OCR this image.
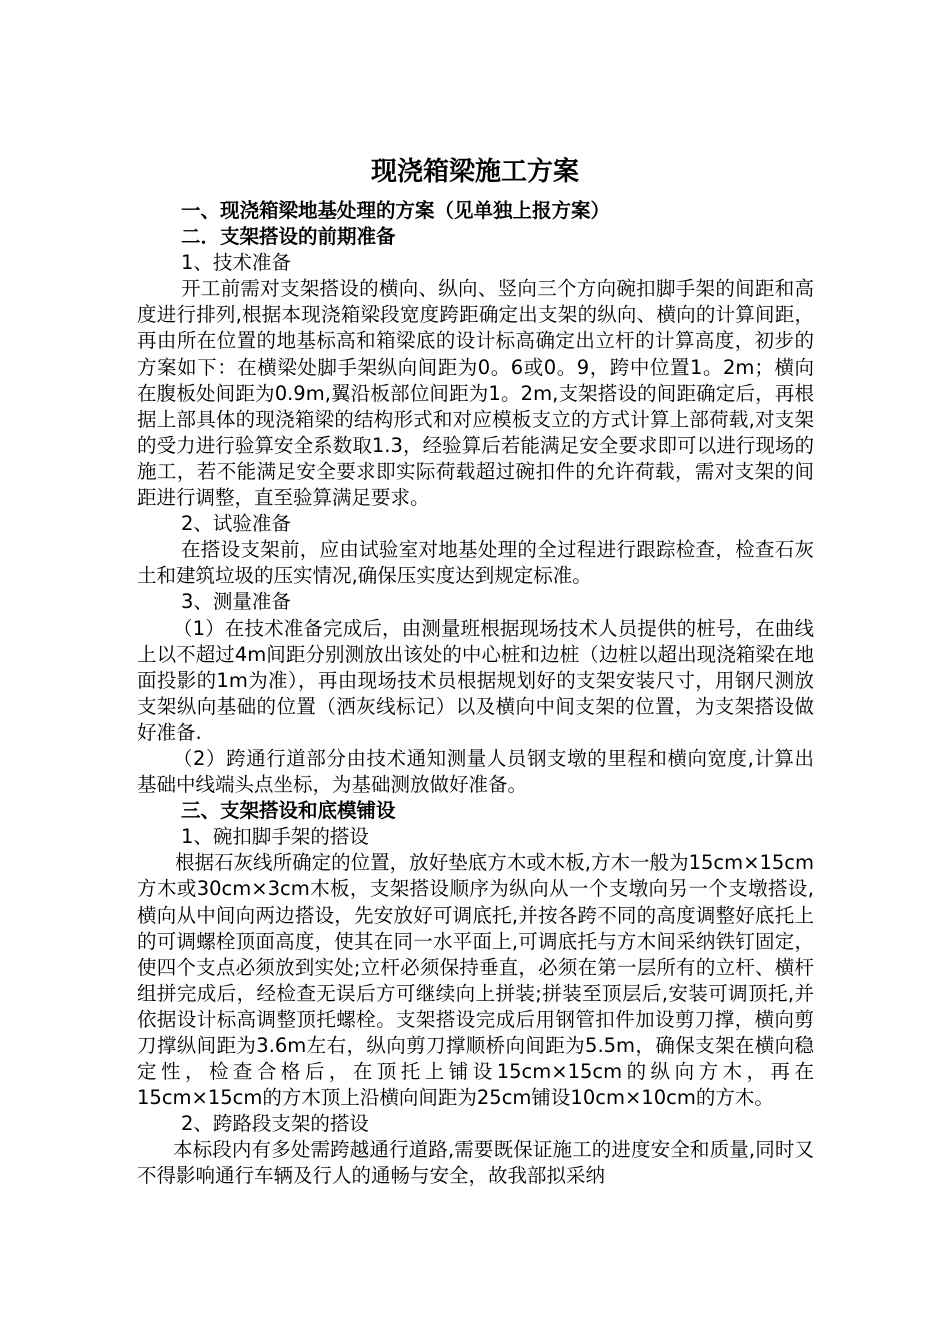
现浇箱梁施工方案

一、现浇箱梁地基处理的方案（见单独上报方案）

二．支架搭设的前期准备

1、技术准备

开工前需对支架搭设的横向、纵向、竖向三个方向碗扣脚手架的间距和高度进行排列,根据本现浇箱梁段宽度跨距确定出支架的纵向、横向的计算间距，再由所在位置的地基标高和箱梁底的设计标高确定出立杆的计算高度，初步的方案如下：在横梁处脚手架纵向间距为0。6或0。9，跨中位置1。2m；横向在腹板处间距为0.9m,翼沿板部位间距为1。2m,支架搭设的间距确定后，再根据上部具体的现浇箱梁的结构形式和对应模板支立的方式计算上部荷载,对支架的受力进行验算安全系数取1.3，经验算后若能满足安全要求即可以进行现场的施工，若不能满足安全要求即实际荷载超过碗扣件的允许荷载，需对支架的间距进行调整，直至验算满足要求。

2、试验准备

在搭设支架前，应由试验室对地基处理的全过程进行跟踪检查，检查石灰土和建筑垃圾的压实情况,确保压实度达到规定标准。

3、测量准备

（1）在技术准备完成后，由测量班根据现场技术人员提供的桩号，在曲线上以不超过4m间距分别测放出该处的中心桩和边桩（边桩以超出现浇箱梁在地面投影的1m为准），再由现场技术员根据规划好的支架安装尺寸，用钢尺测放支架纵向基础的位置（洒灰线标记）以及横向中间支架的位置，为支架搭设做好准备.

（2）跨通行道部分由技术通知测量人员钢支墩的里程和横向宽度,计算出基础中线端头点坐标，为基础测放做好准备。

三、支架搭设和底模铺设

1、碗扣脚手架的搭设

根据石灰线所确定的位置，放好垫底方木或木板,方木一般为15cm×15cm方木或30cm×3cm木板，支架搭设顺序为纵向从一个支墩向另一个支墩搭设,横向从中间向两边搭设，先安放好可调底托,并按各跨不同的高度调整好底托上的可调螺栓顶面高度，使其在同一水平面上,可调底托与方木间采纳铁钉固定，使四个支点必须放到实处;立杆必须保持垂直，必须在第一层所有的立杆、横杆组拼完成后，经检查无误后方可继续向上拼装;拼装至顶层后,安装可调顶托,并依据设计标高调整顶托螺栓。支架搭设完成后用钢管扣件加设剪刀撑，横向剪刀撑纵间距为3.6m左右，纵向剪刀撑顺桥向间距为5.5m，确保支架在横向稳定性，检查合格后，在顶托上铺设15cm×15cm的纵向方木，再在15cm×15cm的方木顶上沿横向间距为25cm铺设10cm×10cm的方木。

2、跨路段支架的搭设

本标段内有多处需跨越通行道路,需要既保证施工的进度安全和质量,同时又不得影响通行车辆及行人的通畅与安全，故我部拟采纳
